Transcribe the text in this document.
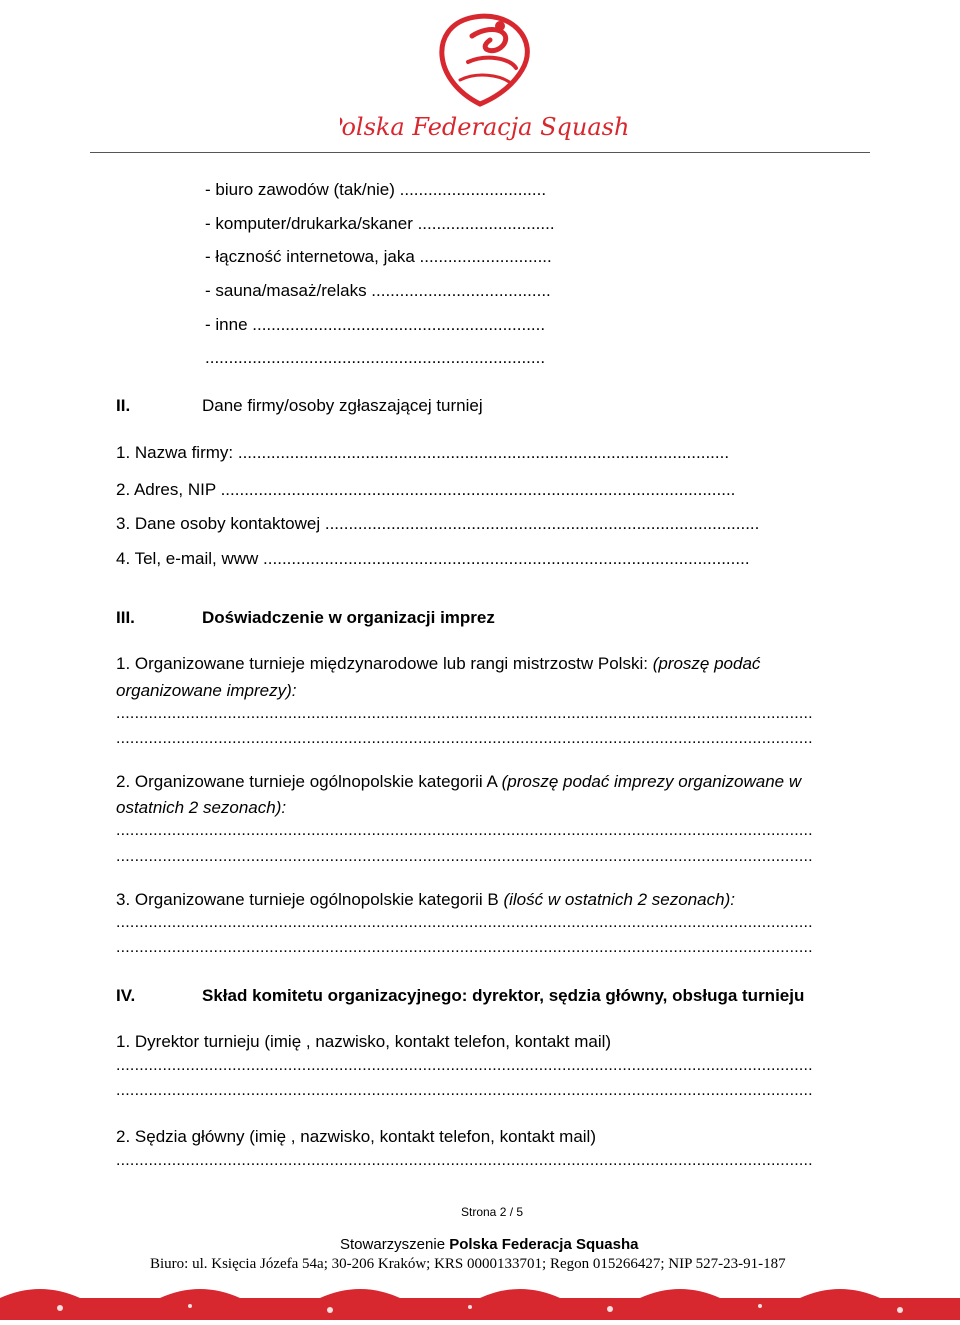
Polska Federacja Squasha
- biuro zawodów (tak/nie) ...............................
- komputer/drukarka/skaner .............................
- łączność internetowa, jaka ............................
- sauna/masaż/relaks ......................................
- inne ..............................................................
........................................................................
II.	Dane firmy/osoby zgłaszającej turniej
1. Nazwa firmy: ........................................................................................................
2. Adres, NIP .............................................................................................................
3. Dane osoby kontaktowej ............................................................................................
4. Tel, e-mail, www .......................................................................................................
III.	Doświadczenie w organizacji imprez
1. Organizowane turnieje międzynarodowe lub rangi mistrzostw Polski: (proszę podać
organizowane imprezy):
......................................................................................................................................................
......................................................................................................................................................
2. Organizowane turnieje ogólnopolskie kategorii A (proszę podać imprezy organizowane w
ostatnich 2 sezonach):
......................................................................................................................................................
......................................................................................................................................................
3. Organizowane turnieje ogólnopolskie kategorii B (ilość w ostatnich 2 sezonach):
......................................................................................................................................................
......................................................................................................................................................
IV.	Skład komitetu organizacyjnego: dyrektor, sędzia główny, obsługa turnieju
1. Dyrektor turnieju (imię , nazwisko, kontakt telefon, kontakt mail)
......................................................................................................................................................
......................................................................................................................................................
2. Sędzia główny (imię , nazwisko, kontakt telefon, kontakt mail)
......................................................................................................................................................
Strona 2 / 5
Stowarzyszenie Polska Federacja Squasha
Biuro: ul. Księcia Józefa 54a; 30-206 Kraków; KRS 0000133701; Regon 015266427; NIP 527-23-91-187
